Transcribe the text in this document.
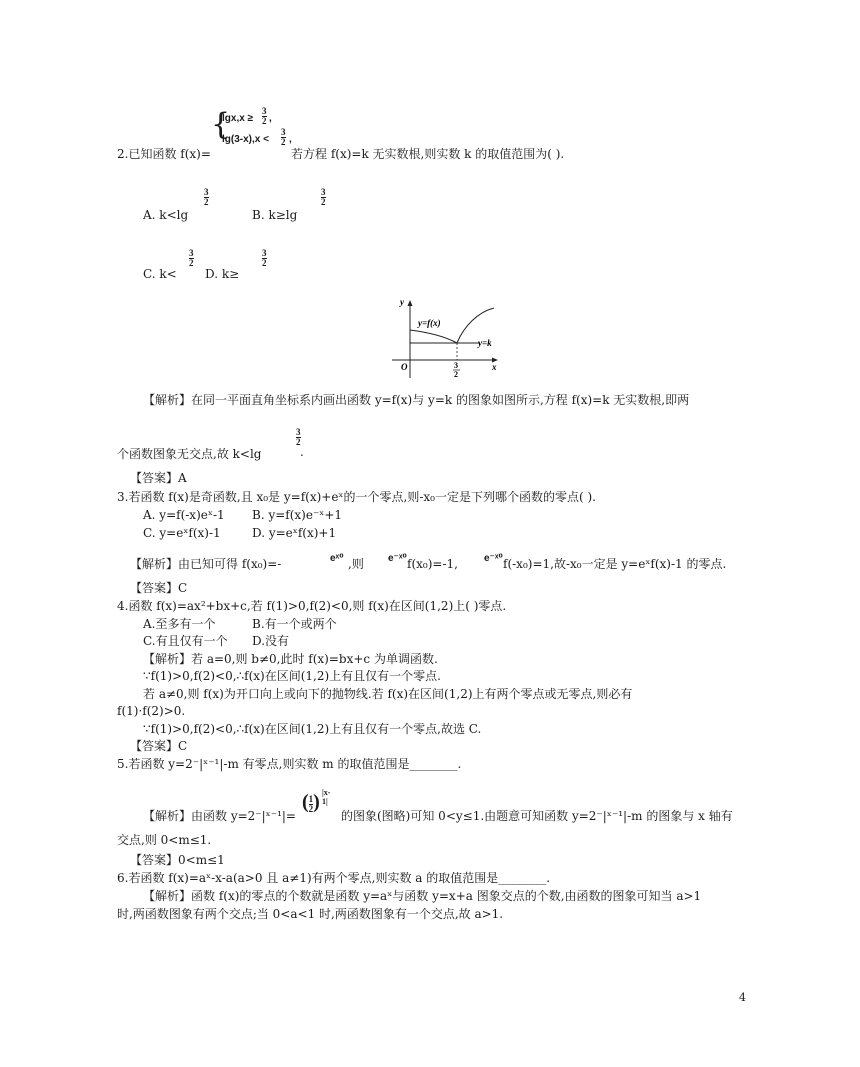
{
lgx,x ≥
3
2 ,
lg(3-x),x <
3
2 ,
2.已知函数 f(x)=	若方程 f(x)=k 无实数根,则实数 k 的取值范围为( ).
A. k<lg
3
2
B. k≥lg
3
2
C. k<
3
2
D. k≥
3
2
y
x
O
y=f(x)
y=k
3
2
【解析】在同一平面直角坐标系内画出函数 y=f(x)与 y=k 的图象如图所示,方程 f(x)=k 无实数根,即两
个函数图象无交点,故 k<lg
3
2
.
【答案】A
3.若函数 f(x)是奇函数,且 x₀是 y=f(x)+eˣ的一个零点,则-x₀一定是下列哪个函数的零点( ).
A. y=f(-x)eˣ-1 B. y=f(x)e⁻ˣ+1
C. y=eˣf(x)-1	D. y=eˣf(x)+1
【解析】由已知可得 f(x₀)=-	eˣ⁰ ,则 e⁻ˣ⁰ f(x₀)=-1,	e⁻ˣ⁰ f(-x₀)=1,故-x₀一定是 y=eˣf(x)-1 的零点.
【答案】C
4.函数 f(x)=ax²+bx+c,若 f(1)>0,f(2)<0,则 f(x)在区间(1,2)上( )零点.
A.至多有一个	B.有一个或两个
C.有且仅有一个 D.没有
【解析】若 a=0,则 b≠0,此时 f(x)=bx+c 为单调函数.
∵f(1)>0,f(2)<0,∴f(x)在区间(1,2)上有且仅有一个零点.
若 a≠0,则 f(x)为开口向上或向下的抛物线.若 f(x)在区间(1,2)上有两个零点或无零点,则必有
f(1)·f(2)>0.
∵f(1)>0,f(2)<0,∴f(x)在区间(1,2)上有且仅有一个零点,故选 C.
【答案】C
5.若函数 y=2⁻|ˣ⁻¹|-m 有零点,则实数 m 的取值范围是________.
【解析】由函数 y=2⁻|ˣ⁻¹|=
$(\frac{1}{2})$ |x-1|
的图象(图略)可知 0<y≤1.由题意可知函数 y=2⁻|ˣ⁻¹|-m 的图象与 x 轴有
交点,则 0<m≤1.
【答案】0<m≤1
6.若函数 f(x)=aˣ-x-a(a>0 且 a≠1)有两个零点,则实数 a 的取值范围是________.
【解析】函数 f(x)的零点的个数就是函数 y=aˣ与函数 y=x+a 图象交点的个数,由函数的图象可知当 a>1
时,两函数图象有两个交点;当 0<a<1 时,两函数图象有一个交点,故 a>1.
4
